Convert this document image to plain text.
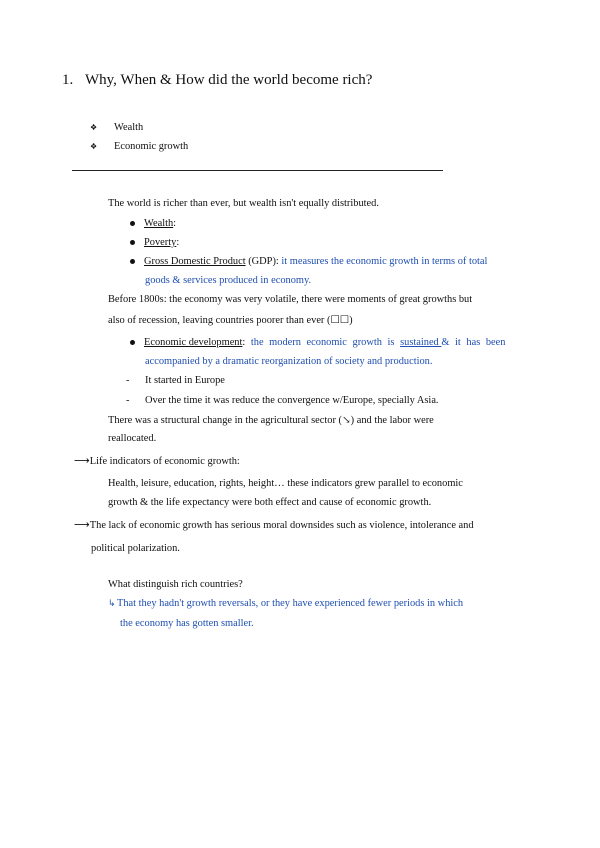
1. Why, When & How did the world become rich?
❖ Wealth
❖ Economic growth
The world is richer than ever, but wealth isn't equally distributed.
Wealth:
Poverty:
Gross Domestic Product (GDP): it measures the economic growth in terms of total
goods & services produced in economy.
Before 1800s: the economy was very volatile, there were moments of great growths but
also of recession, leaving countries poorer than ever (☐☐)
Economic development: the modern economic growth is sustained & it has been
accompanied by a dramatic reorganization of society and production.
- It started in Europe
- Over the time it was reduce the convergence w/Europe, specially Asia.
There was a structural change in the agricultural sector (↘) and the labor were
reallocated.
⟶Life indicators of economic growth:
Health, leisure, education, rights, height… these indicators grew parallel to economic
growth & the life expectancy were both effect and cause of economic growth.
⟶The lack of economic growth has serious moral downsides such as violence, intolerance and
political polarization.
What distinguish rich countries?
↳That they hadn't growth reversals, or they have experienced fewer periods in which
the economy has gotten smaller.
